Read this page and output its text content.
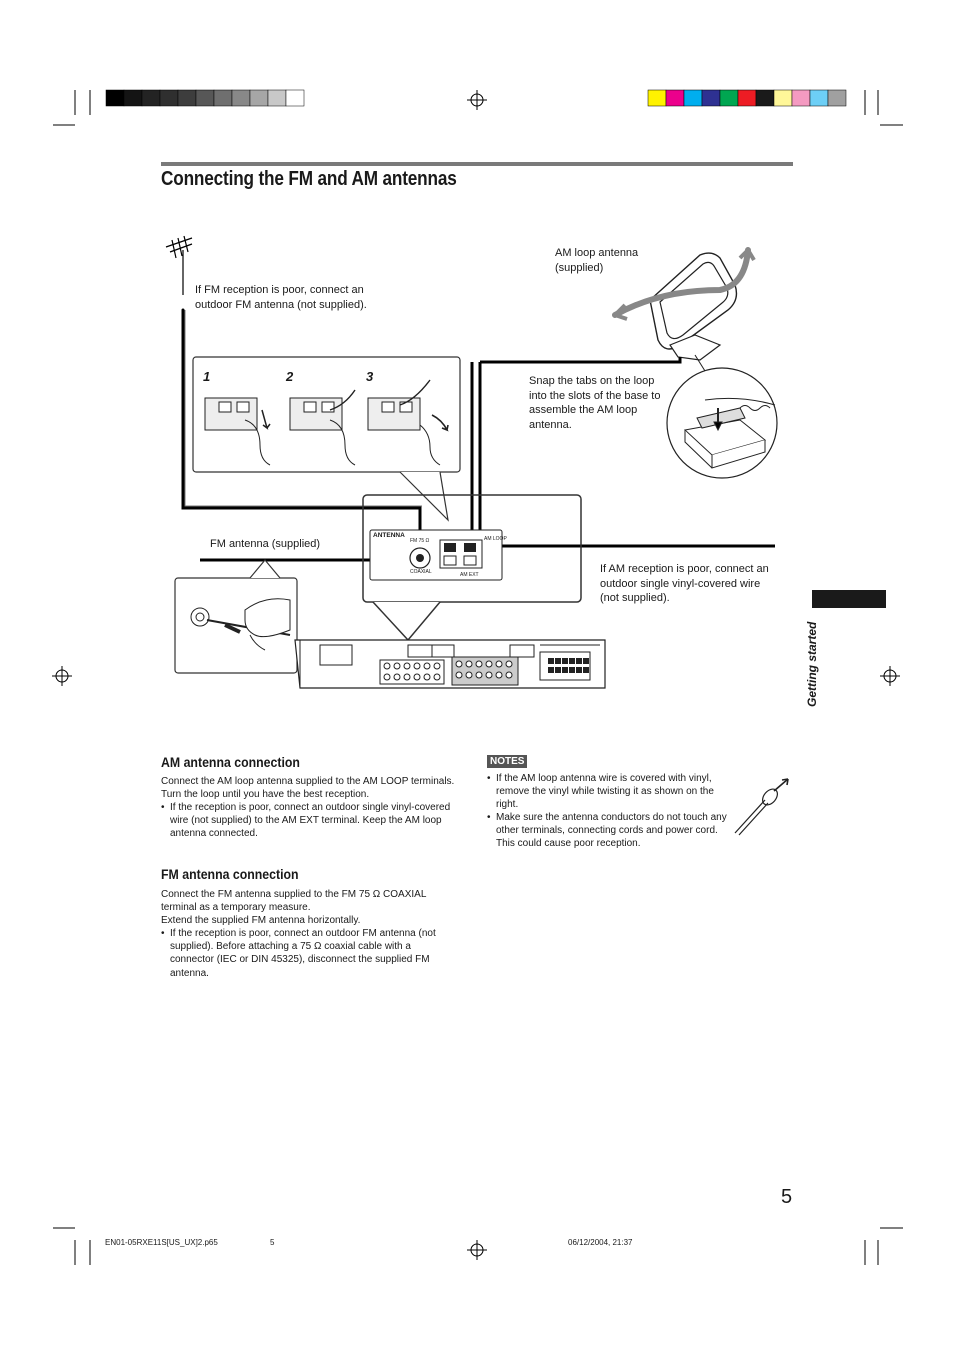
Connecting the FM and AM antennas
If FM reception is poor, connect an outdoor FM antenna (not supplied).
AM loop antenna (supplied)
Snap the tabs on the loop into the slots of the base to assemble the AM loop antenna.
FM antenna (supplied)
If AM reception is poor, connect an outdoor single vinyl-covered wire (not supplied).
1	2	3
ANTENNA
FM 75 Ω
COAXIAL
AM LOOP
AM EXT
AM antenna connection

Connect the AM loop antenna supplied to the AM LOOP terminals.

Turn the loop until you have the best reception.

• If the reception is poor, connect an outdoor single vinyl-covered wire (not supplied) to the AM EXT terminal. Keep the AM loop antenna connected.
FM antenna connection

Connect the FM antenna supplied to the FM 75 Ω COAXIAL terminal as a temporary measure.

Extend the supplied FM antenna horizontally.

• If the reception is poor, connect an outdoor FM antenna (not supplied). Before attaching a 75 Ω coaxial cable with a connector (IEC or DIN 45325), disconnect the supplied FM antenna.
NOTES
• If the AM loop antenna wire is covered with vinyl, remove the vinyl while twisting it as shown on the right.
• Make sure the antenna conductors do not touch any other terminals, connecting cords and power cord. This could cause poor reception.
Getting started
5
EN01-05RXE11S[US_UX]2.p65	5	06/12/2004, 21:37
